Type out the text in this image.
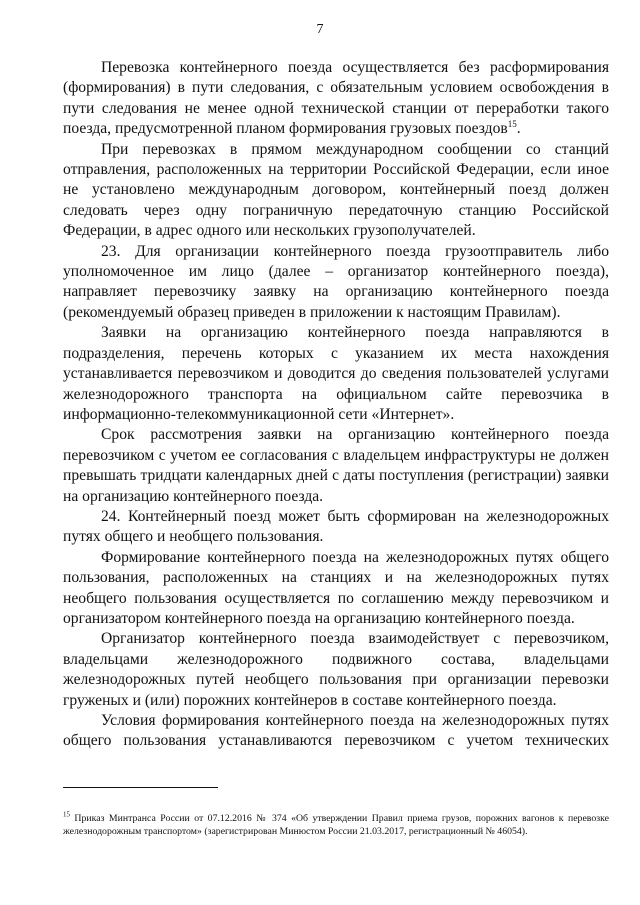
7

Перевозка контейнерного поезда осуществляется без расформирования (формирования) в пути следования, с обязательным условием освобождения в пути следования не менее одной технической станции от переработки такого поезда, предусмотренной планом формирования грузовых поездов$^{15}$.

При перевозках в прямом международном сообщении со станций отправления, расположенных на территории Российской Федерации, если иное не установлено международным договором, контейнерный поезд должен следовать через одну пограничную передаточную станцию Российской Федерации, в адрес одного или нескольких грузополучателей.

23. Для организации контейнерного поезда грузоотправитель либо уполномоченное им лицо (далее – организатор контейнерного поезда), направляет перевозчику заявку на организацию контейнерного поезда (рекомендуемый образец приведен в приложении к настоящим Правилам).

Заявки на организацию контейнерного поезда направляются в подразделения, перечень которых с указанием их места нахождения устанавливается перевозчиком и доводится до сведения пользователей услугами железнодорожного транспорта на официальном сайте перевозчика в информационно-телекоммуникационной сети «Интернет».

Срок рассмотрения заявки на организацию контейнерного поезда перевозчиком с учетом ее согласования с владельцем инфраструктуры не должен превышать тридцати календарных дней с даты поступления (регистрации) заявки на организацию контейнерного поезда.

24. Контейнерный поезд может быть сформирован на железнодорожных путях общего и необщего пользования.

Формирование контейнерного поезда на железнодорожных путях общего пользования, расположенных на станциях и на железнодорожных путях необщего пользования осуществляется по соглашению между перевозчиком и организатором контейнерного поезда на организацию контейнерного поезда.

Организатор контейнерного поезда взаимодействует с перевозчиком, владельцами железнодорожного подвижного состава, владельцами железнодорожных путей необщего пользования при организации перевозки груженых и (или) порожних контейнеров в составе контейнерного поезда.

Условия формирования контейнерного поезда на железнодорожных путях общего пользования устанавливаются перевозчиком с учетом технических

$^{15}$ Приказ Минтранса России от 07.12.2016 № 374 «Об утверждении Правил приема грузов, порожних вагонов к перевозке железнодорожным транспортом» (зарегистрирован Минюстом России 21.03.2017, регистрационный № 46054).
